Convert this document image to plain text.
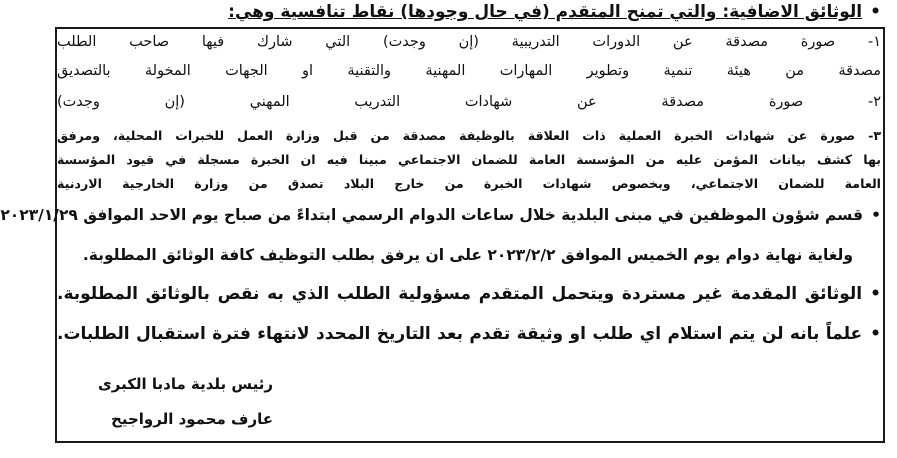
•الوثائق الاضافية: والتي تمنح المتقدم (في حال وجودها) نقاط تنافسية وهي:
١- صورة مصدقة عن الدورات التدريبية (إن وجدت) التي شارك فيها صاحب الطلب
مصدقة من هيئة تنمية وتطوير المهارات المهنية والتقنية او الجهات المخولة بالتصديق
٢- صورة مصدقة عن شهادات التدريب المهني (إن وجدت)
٣- صورة عن شهادات الخبرة العملية ذات العلاقة بالوظيفة مصدقة من قبل وزارة العمل للخبرات المحلية، ومرفق
بها كشف بيانات المؤمن عليه من المؤسسة العامة للضمان الاجتماعي مبينا فيه ان الخبرة مسجلة في قيود المؤسسة
العامة للضمان الاجتماعي، وبخصوص شهادات الخبرة من خارج البلاد تصدق من وزارة الخارجية الاردنية
•قسم شؤون الموظفين في مبنى البلدية خلال ساعات الدوام الرسمي ابتداءً من صباح يوم الاحد الموافق ٢٠٢٣/١/٢٩
ولغاية نهاية دوام يوم الخميس الموافق ٢٠٢٣/٢/٢ على ان يرفق بطلب التوظيف كافة الوثائق المطلوبة.
•الوثائق المقدمة غير مستردة ويتحمل المتقدم مسؤولية الطلب الذي به نقص بالوثائق المطلوبة.
•علماً بانه لن يتم استلام اي طلب او وثيقة تقدم بعد التاريخ المحدد لانتهاء فترة استقبال الطلبات.
رئيس بلدية مادبا الكبرى
عارف محمود الرواجيح
